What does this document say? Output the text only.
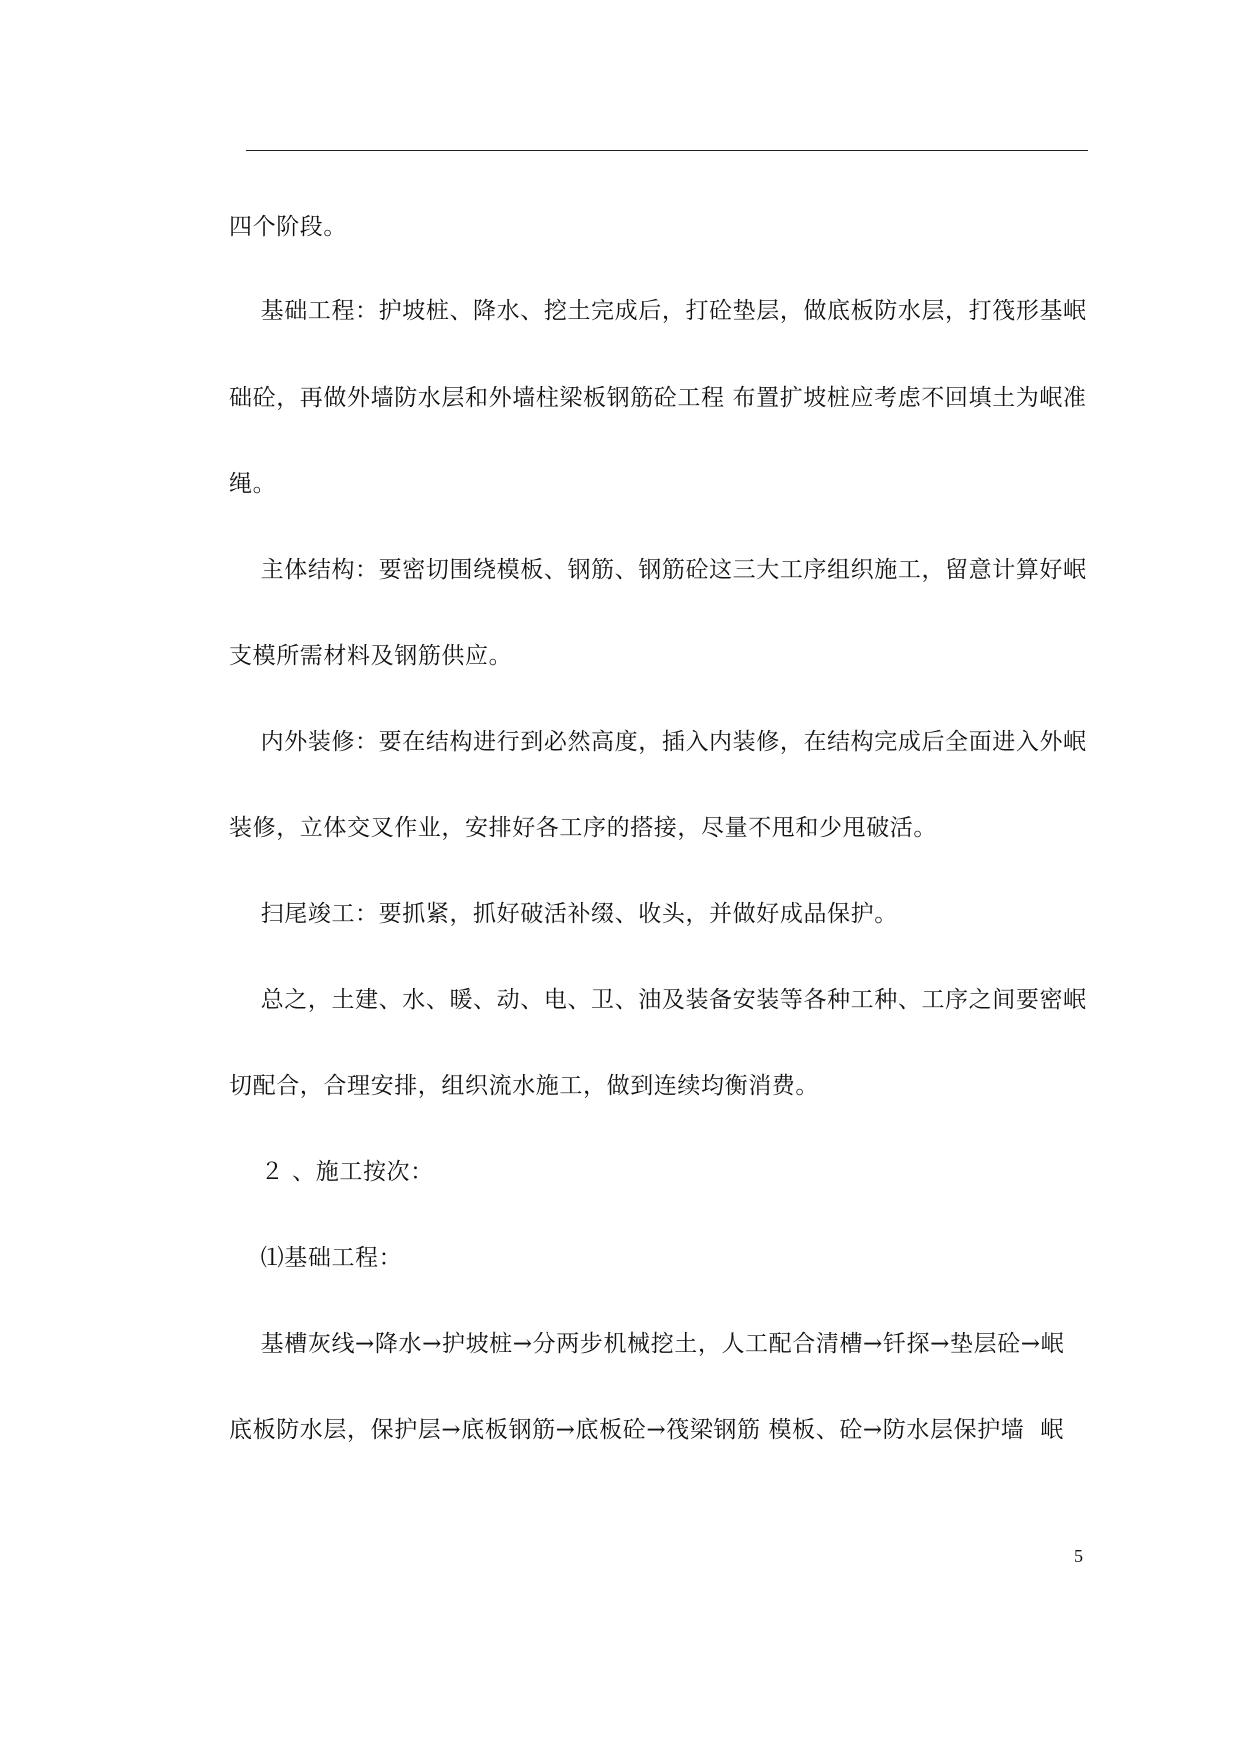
四个阶段。
基础工程：护坡桩、降水、挖土完成后，打砼垫层，做底板防水层，打筏形基岷
础砼，再做外墙防水层和外墙柱梁板钢筋砼工程 布置扩坡桩应考虑不回填土为岷准
绳。
主体结构：要密切围绕模板、钢筋、钢筋砼这三大工序组织施工，留意计算好岷
支模所需材料及钢筋供应。
内外装修：要在结构进行到必然高度，插入内装修，在结构完成后全面进入外岷
装修，立体交叉作业，安排好各工序的搭接，尽量不甩和少甩破活。
扫尾竣工：要抓紧，抓好破活补缀、收头，并做好成品保护。
总之，土建、水、暖、动、电、卫、油及装备安装等各种工种、工序之间要密岷
切配合，合理安排，组织流水施工，做到连续均衡消费。
２ 、施工按次：
⑴基础工程：
基槽灰线→降水→护坡桩→分两步机械挖土，人工配合清槽→钎探→垫层砼→岷
底板防水层，保护层→底板钢筋→底板砼→筏梁钢筋 模板、砼→防水层保护墙  岷
5
